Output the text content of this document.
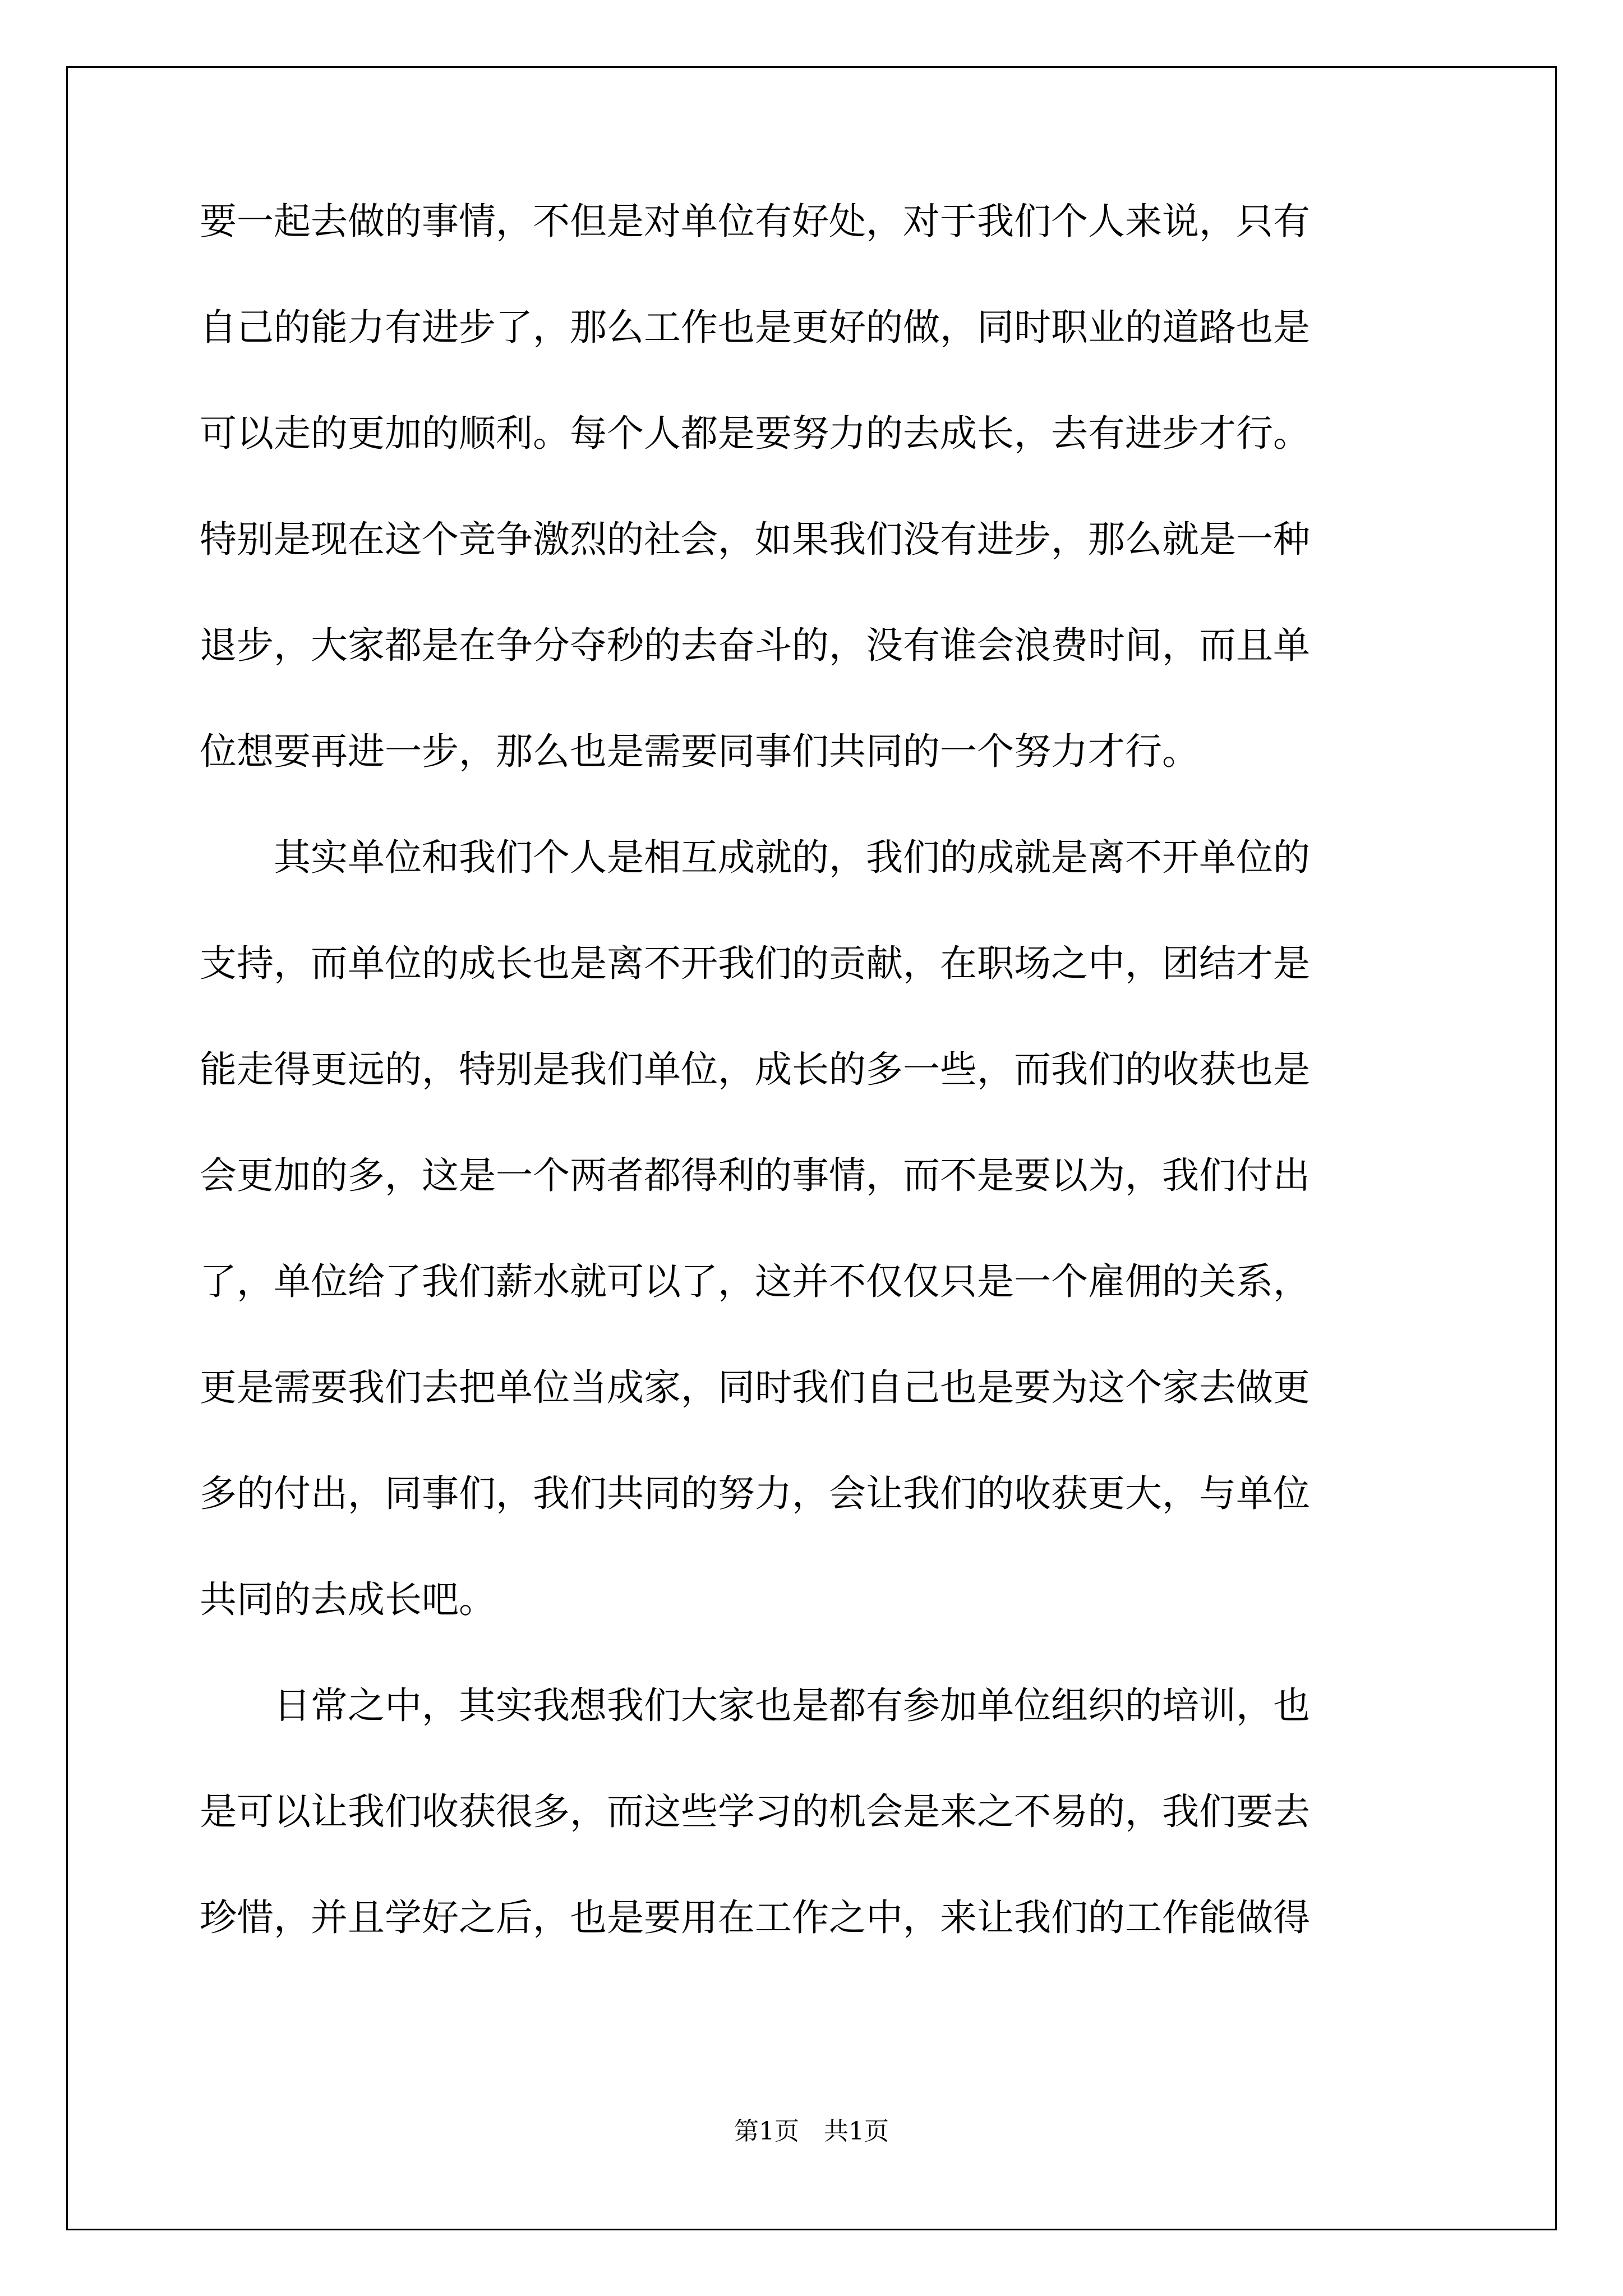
要一起去做的事情，不但是对单位有好处，对于我们个人来说，只有
自己的能力有进步了，那么工作也是更好的做，同时职业的道路也是
可以走的更加的顺利。每个人都是要努力的去成长，去有进步才行。
特别是现在这个竞争激烈的社会，如果我们没有进步，那么就是一种
退步，大家都是在争分夺秒的去奋斗的，没有谁会浪费时间，而且单
位想要再进一步，那么也是需要同事们共同的一个努力才行。
　　其实单位和我们个人是相互成就的，我们的成就是离不开单位的
支持，而单位的成长也是离不开我们的贡献，在职场之中，团结才是
能走得更远的，特别是我们单位，成长的多一些，而我们的收获也是
会更加的多，这是一个两者都得利的事情，而不是要以为，我们付出
了，单位给了我们薪水就可以了，这并不仅仅只是一个雇佣的关系，
更是需要我们去把单位当成家，同时我们自己也是要为这个家去做更
多的付出，同事们，我们共同的努力，会让我们的收获更大，与单位
共同的去成长吧。
　　日常之中，其实我想我们大家也是都有参加单位组织的培训，也
是可以让我们收获很多，而这些学习的机会是来之不易的，我们要去
珍惜，并且学好之后，也是要用在工作之中，来让我们的工作能做得
第1页 共1页
